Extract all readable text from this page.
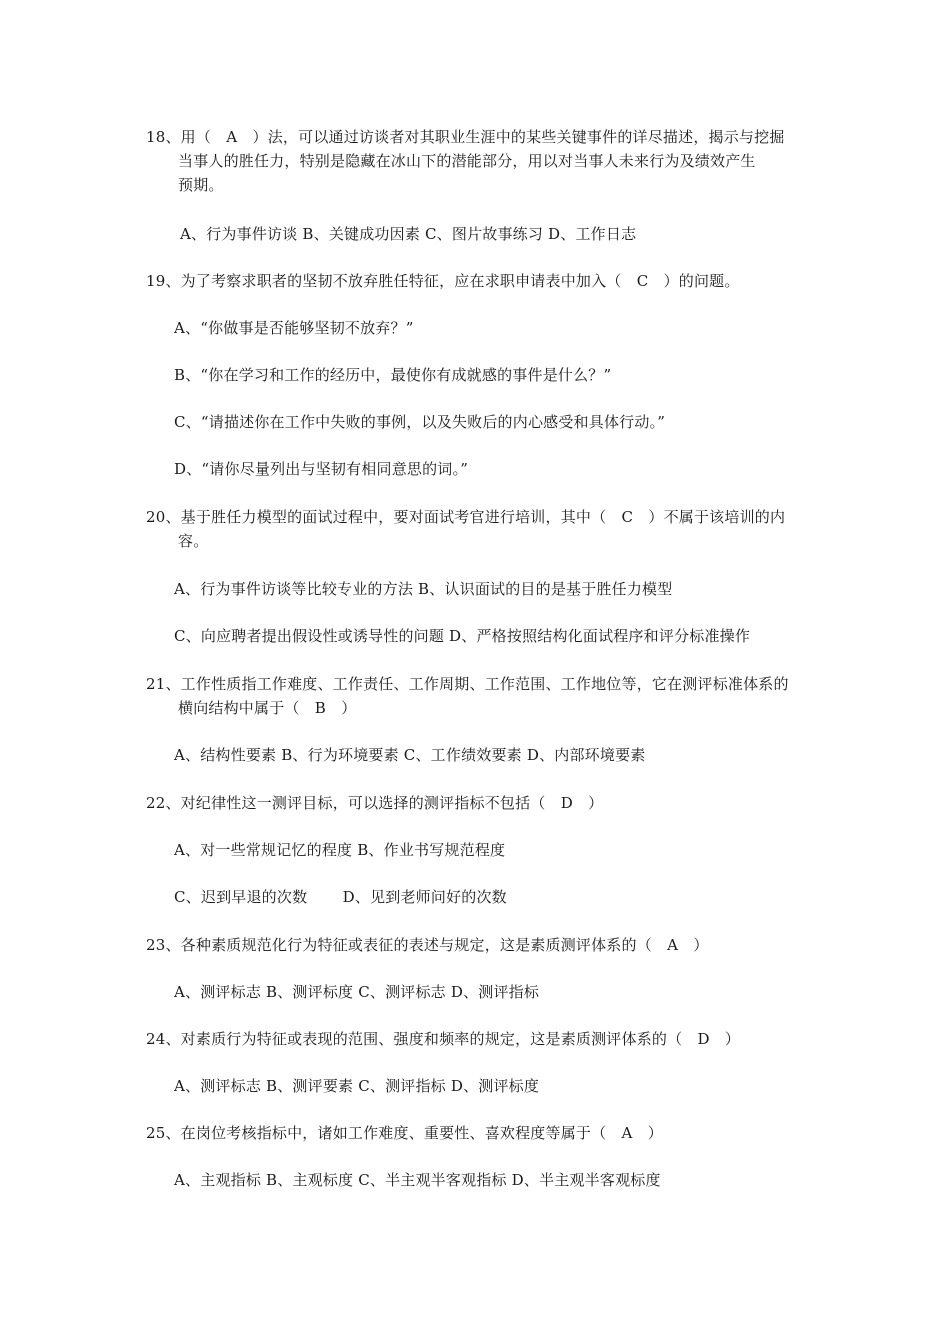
18、用（　A　）法，可以通过访谈者对其职业生涯中的某些关键事件的详尽描述，揭示与挖掘
当事人的胜任力，特别是隐藏在冰山下的潜能部分，用以对当事人未来行为及绩效产生
预期。
A、行为事件访谈 B、关键成功因素 C、图片故事练习 D、工作日志
19、为了考察求职者的坚韧不放弃胜任特征，应在求职申请表中加入（　C　）的问题。
A、“你做事是否能够坚韧不放弃？”
B、“你在学习和工作的经历中，最使你有成就感的事件是什么？”
C、“请描述你在工作中失败的事例，以及失败后的内心感受和具体行动。”
D、“请你尽量列出与坚韧有相同意思的词。”
20、基于胜任力模型的面试过程中，要对面试考官进行培训，其中（　C　）不属于该培训的内
容。
A、行为事件访谈等比较专业的方法 B、认识面试的目的是基于胜任力模型
C、向应聘者提出假设性或诱导性的问题 D、严格按照结构化面试程序和评分标准操作
21、工作性质指工作难度、工作责任、工作周期、工作范围、工作地位等，它在测评标准体系的
横向结构中属于（　B　）
A、结构性要素 B、行为环境要素 C、工作绩效要素 D、内部环境要素
22、对纪律性这一测评目标，可以选择的测评指标不包括（　D　）
A、对一些常规记忆的程度 B、作业书写规范程度
C、迟到早退的次数　　 D、见到老师问好的次数
23、各种素质规范化行为特征或表征的表述与规定，这是素质测评体系的（　A　）
A、测评标志 B、测评标度 C、测评标志 D、测评指标
24、对素质行为特征或表现的范围、强度和频率的规定，这是素质测评体系的（　D　）
A、测评标志 B、测评要素 C、测评指标 D、测评标度
25、在岗位考核指标中，诸如工作难度、重要性、喜欢程度等属于（　A　）
A、主观指标 B、主观标度 C、半主观半客观指标 D、半主观半客观标度
